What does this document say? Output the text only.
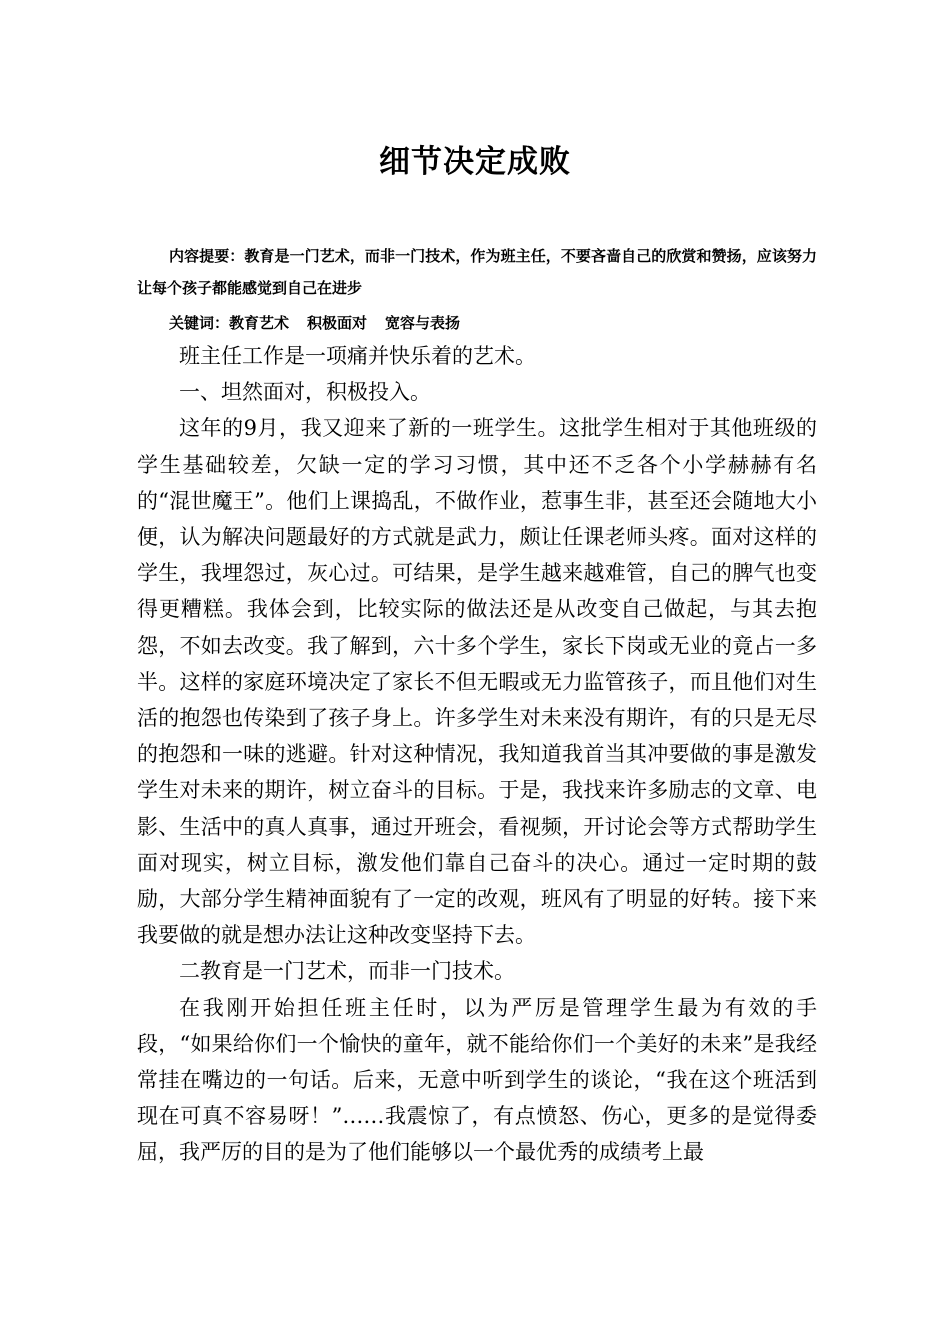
细节决定成败
内容提要：教育是一门艺术，而非一门技术，作为班主任，不要吝啬自己的欣赏和赞扬，应该努力让每个孩子都能感觉到自己在进步
关键词：教育艺术 积极面对 宽容与表扬

班主任工作是一项痛并快乐着的艺术。

一、坦然面对，积极投入。

这年的9月，我又迎来了新的一班学生。这批学生相对于其他班级的学生基础较差，欠缺一定的学习习惯，其中还不乏各个小学赫赫有名的“混世魔王”。他们上课捣乱，不做作业，惹事生非，甚至还会随地大小便，认为解决问题最好的方式就是武力，颇让任课老师头疼。面对这样的学生，我埋怨过，灰心过。可结果，是学生越来越难管，自己的脾气也变得更糟糕。我体会到，比较实际的做法还是从改变自己做起，与其去抱怨，不如去改变。我了解到，六十多个学生，家长下岗或无业的竟占一多半。这样的家庭环境决定了家长不但无暇或无力监管孩子，而且他们对生活的抱怨也传染到了孩子身上。许多学生对未来没有期许，有的只是无尽的抱怨和一味的逃避。针对这种情况，我知道我首当其冲要做的事是激发学生对未来的期许，树立奋斗的目标。于是，我找来许多励志的文章、电影、生活中的真人真事，通过开班会，看视频，开讨论会等方式帮助学生面对现实，树立目标，激发他们靠自己奋斗的决心。通过一定时期的鼓励，大部分学生精神面貌有了一定的改观，班风有了明显的好转。接下来我要做的就是想办法让这种改变坚持下去。

二教育是一门艺术，而非一门技术。

在我刚开始担任班主任时，以为严厉是管理学生最为有效的手段，“如果给你们一个愉快的童年，就不能给你们一个美好的未来”是我经常挂在嘴边的一句话。后来，无意中听到学生的谈论，“我在这个班活到现在可真不容易呀！”……我震惊了，有点愤怒、伤心，更多的是觉得委屈，我严厉的目的是为了他们能够以一个最优秀的成绩考上最
